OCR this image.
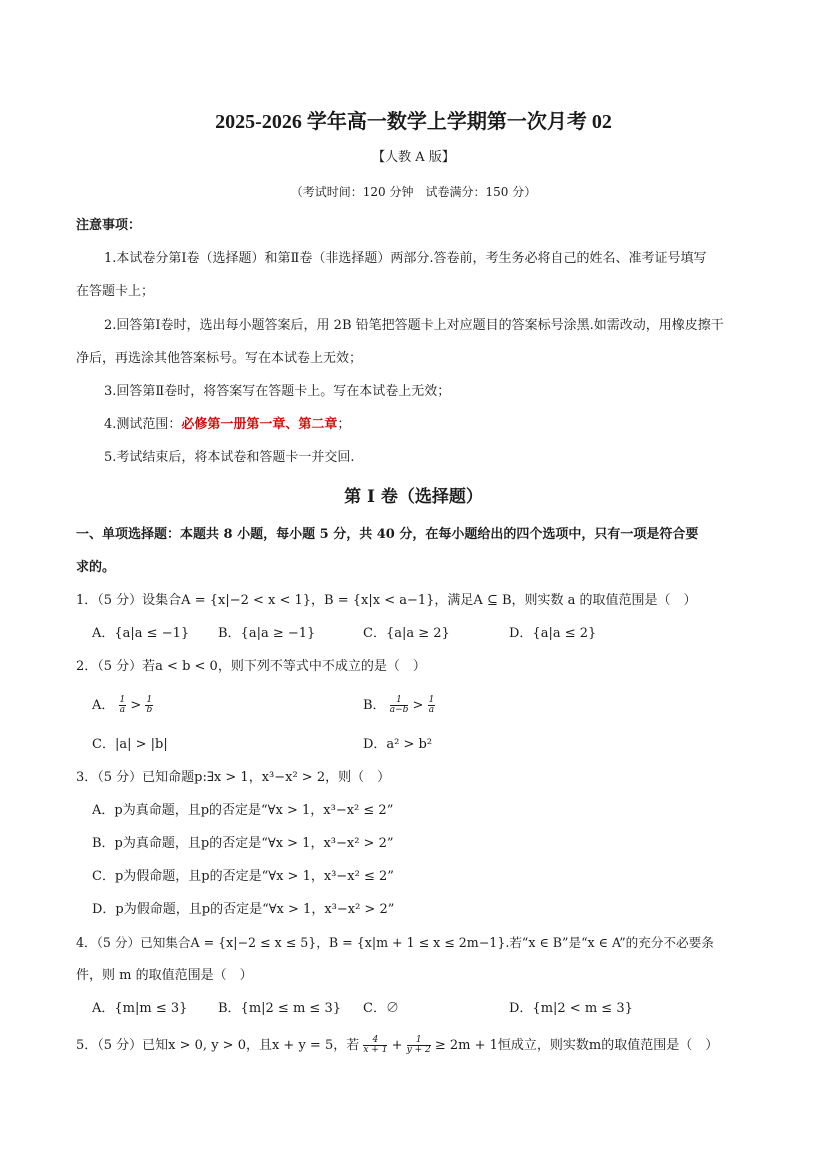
2025-2026 学年高一数学上学期第一次月考 02
【人教 A 版】
（考试时间：120 分钟　试卷满分：150 分）
注意事项：
1.本试卷分第Ⅰ卷（选择题）和第Ⅱ卷（非选择题）两部分.答卷前，考生务必将自己的姓名、准考证号填写
在答题卡上；
2.回答第Ⅰ卷时，选出每小题答案后，用 2B 铅笔把答题卡上对应题目的答案标号涂黑.如需改动，用橡皮擦干
净后，再选涂其他答案标号。写在本试卷上无效；
3.回答第Ⅱ卷时，将答案写在答题卡上。写在本试卷上无效；
4.测试范围：必修第一册第一章、第二章；
5.考试结束后，将本试卷和答题卡一并交回.
第 I 卷（选择题）
一、单项选择题：本题共 8 小题，每小题 5 分，共 40 分，在每小题给出的四个选项中，只有一项是符合要
求的。
1．（5 分）设集合A = {x|−2 < x < 1}，B = {x|x < a−1}，满足A ⊆ B，则实数 a 的取值范围是（　）
A．{a|a ≤ −1} B．{a|a ≥ −1}	C．{a|a ≥ 2}	D．{a|a ≤ 2}
2．（5 分）若a < b < 0，则下列不等式中不成立的是（　）
A． $\frac{1}{a} > \frac{1}{b}$	B． $\frac{1}{a-b} > \frac{1}{a}$
C．|a| > |b|	D．a² > b²
3．（5 分）已知命题p:∃x > 1，x³−x² > 2，则（　）
A．p为真命题，且p的否定是“∀x > 1，x³−x² ≤ 2”
B．p为真命题，且p的否定是“∀x > 1，x³−x² > 2”
C．p为假命题，且p的否定是“∀x > 1，x³−x² ≤ 2”
D．p为假命题，且p的否定是“∀x > 1，x³−x² > 2”
4．（5 分）已知集合A = {x|−2 ≤ x ≤ 5}，B = {x|m + 1 ≤ x ≤ 2m−1}.若“x ∈ B”是“x ∈ A”的充分不必要条
件，则 m 的取值范围是（　）
A．{m|m ≤ 3} B．{m|2 ≤ m ≤ 3} C．∅	D．{m|2 < m ≤ 3}
5．（5 分）已知x > 0, y > 0，且x + y = 5，若 $\frac{4}{x + 1} + \frac{1}{y + 2} \ge 2m + 1$恒成立，则实数m的取值范围是（　）
